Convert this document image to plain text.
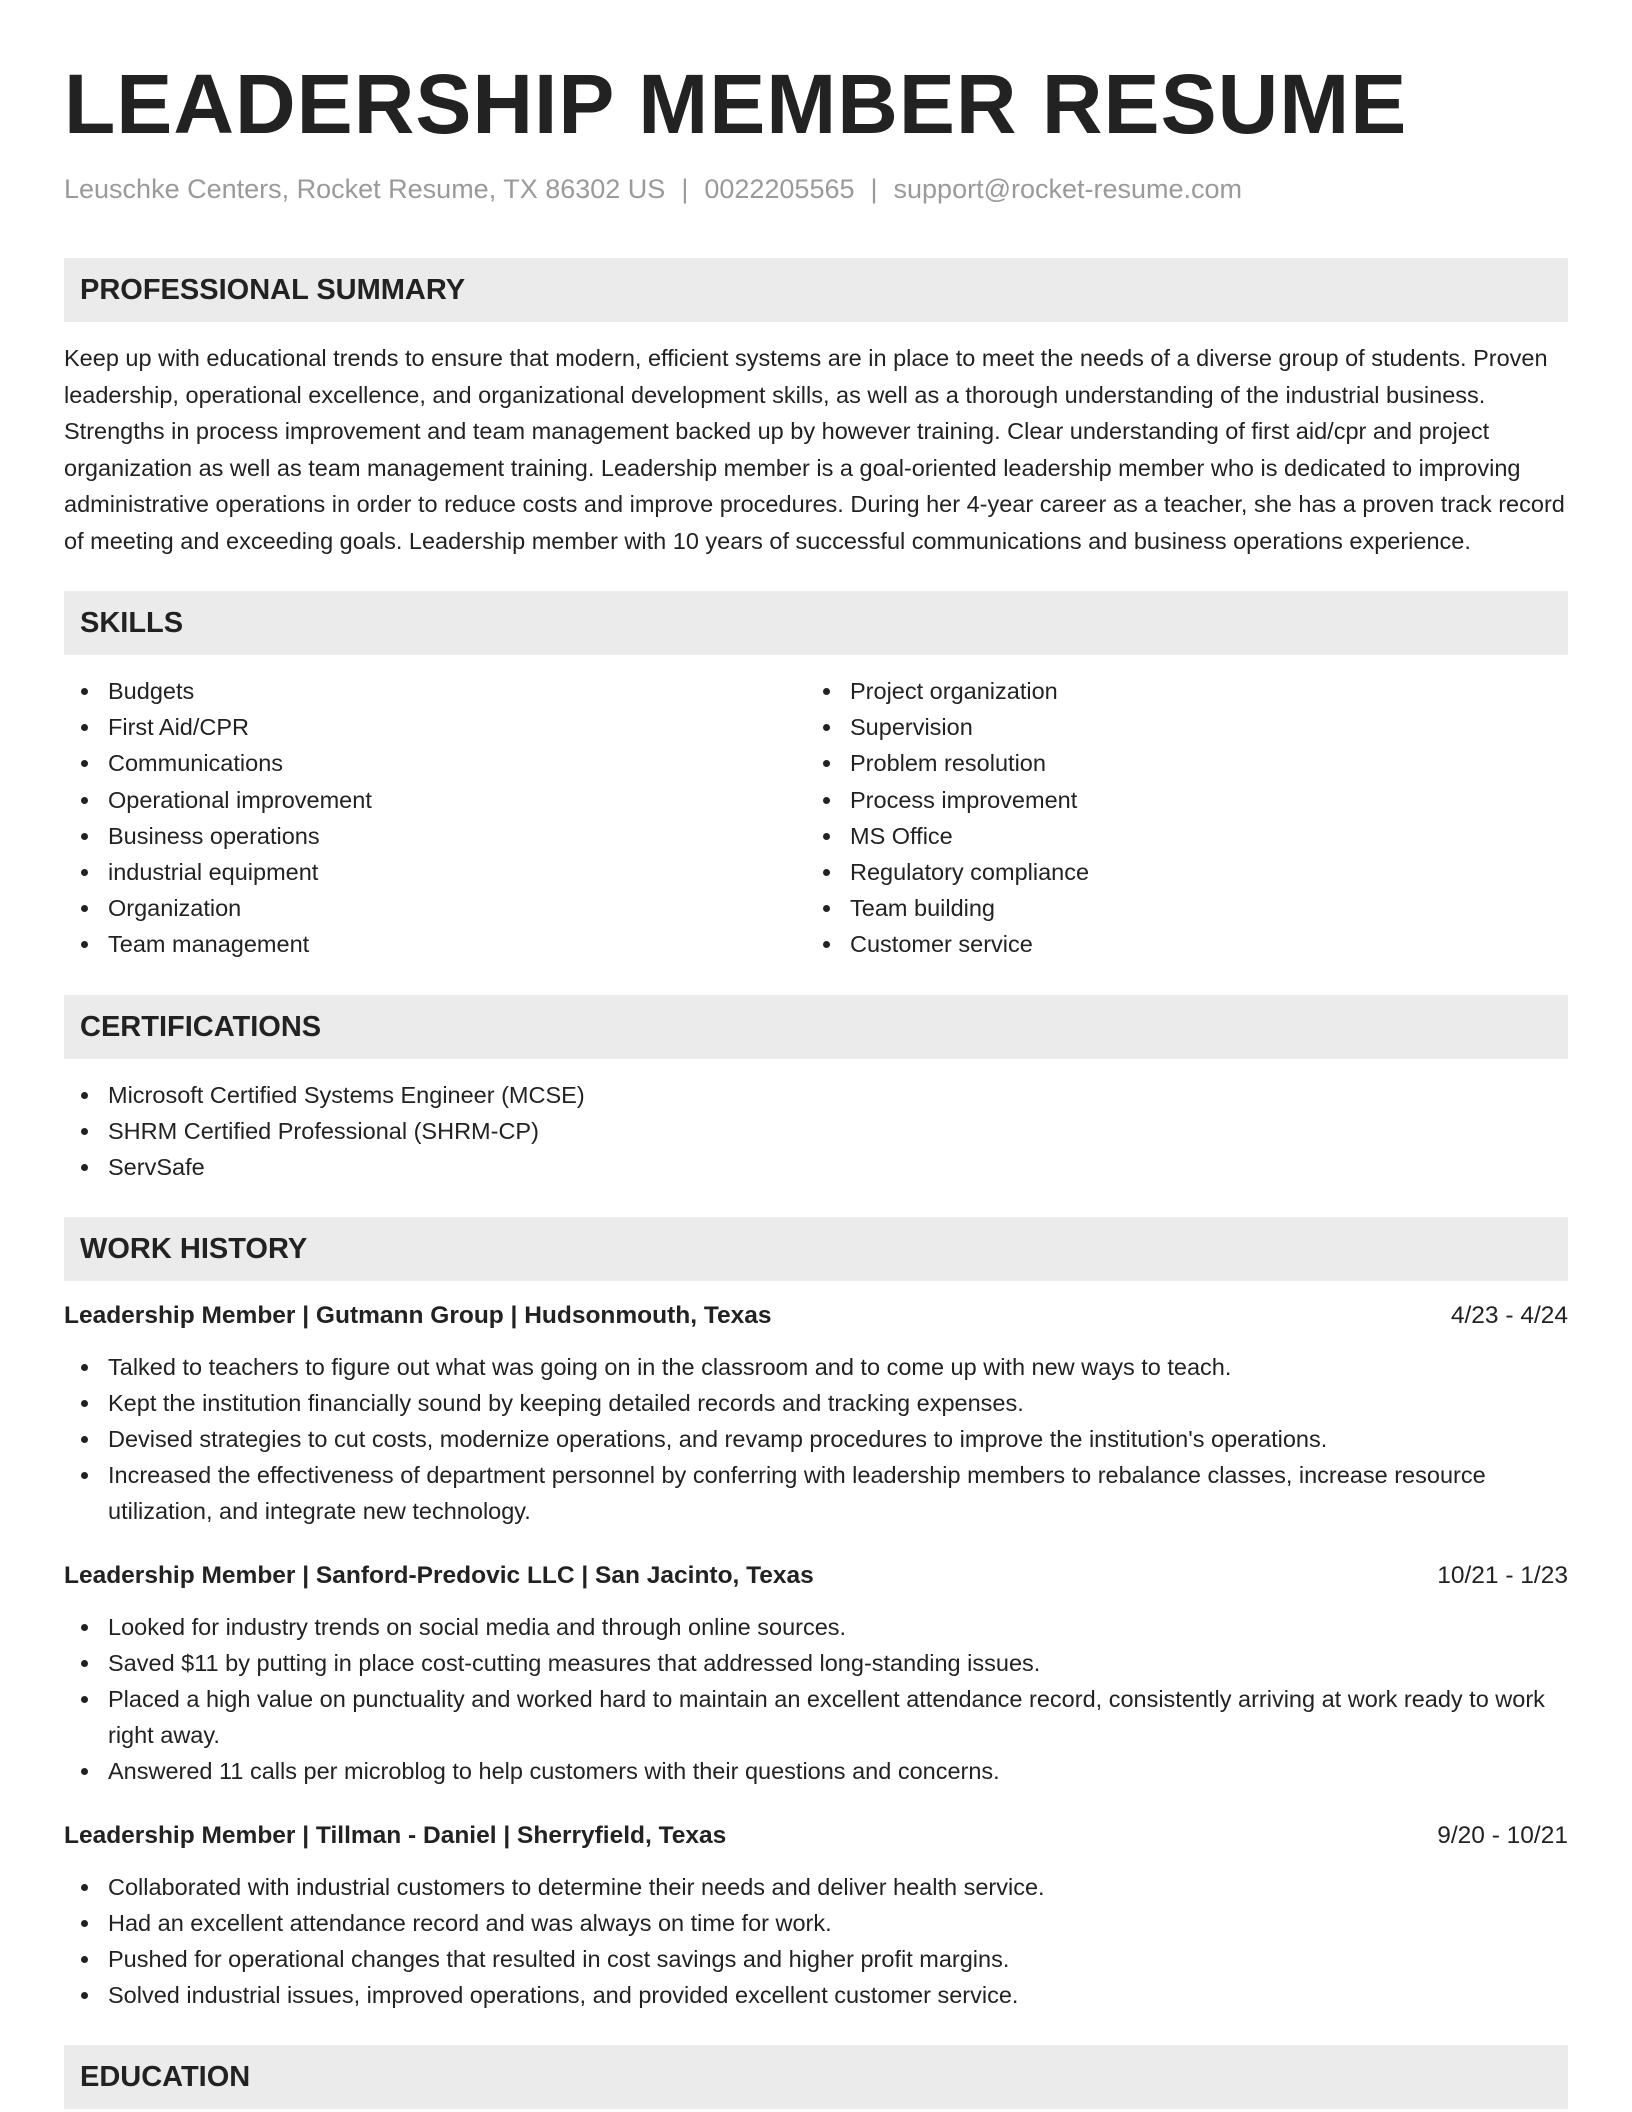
LEADERSHIP MEMBER RESUME
Leuschke Centers, Rocket Resume, TX 86302 US | 0022205565 | support@rocket-resume.com
PROFESSIONAL SUMMARY

Keep up with educational trends to ensure that modern, efficient systems are in place to meet the needs of a diverse group of students. Proven leadership, operational excellence, and organizational development skills, as well as a thorough understanding of the industrial business. Strengths in process improvement and team management backed up by however training. Clear understanding of first aid/cpr and project organization as well as team management training. Leadership member is a goal-oriented leadership member who is dedicated to improving administrative operations in order to reduce costs and improve procedures. During her 4-year career as a teacher, she has a proven track record of meeting and exceeding goals. Leadership member with 10 years of successful communications and business operations experience.

SKILLS
Budgets
First Aid/CPR
Communications
Operational improvement
Business operations
industrial equipment
Organization
Team management
Project organization
Supervision
Problem resolution
Process improvement
MS Office
Regulatory compliance
Team building
Customer service
CERTIFICATIONS
Microsoft Certified Systems Engineer (MCSE)
SHRM Certified Professional (SHRM-CP)
ServSafe
WORK HISTORY
Leadership Member | Gutmann Group | Hudsonmouth, Texas	4/23 - 4/24
Talked to teachers to figure out what was going on in the classroom and to come up with new ways to teach.
Kept the institution financially sound by keeping detailed records and tracking expenses.
Devised strategies to cut costs, modernize operations, and revamp procedures to improve the institution's operations.
Increased the effectiveness of department personnel by conferring with leadership members to rebalance classes, increase resource utilization, and integrate new technology.
Leadership Member | Sanford-Predovic LLC | San Jacinto, Texas	10/21 - 1/23
Looked for industry trends on social media and through online sources.
Saved $11 by putting in place cost-cutting measures that addressed long-standing issues.
Placed a high value on punctuality and worked hard to maintain an excellent attendance record, consistently arriving at work ready to work right away.
Answered 11 calls per microblog to help customers with their questions and concerns.
Leadership Member | Tillman - Daniel | Sherryfield, Texas	9/20 - 10/21
Collaborated with industrial customers to determine their needs and deliver health service.
Had an excellent attendance record and was always on time for work.
Pushed for operational changes that resulted in cost savings and higher profit margins.
Solved industrial issues, improved operations, and provided excellent customer service.
EDUCATION
